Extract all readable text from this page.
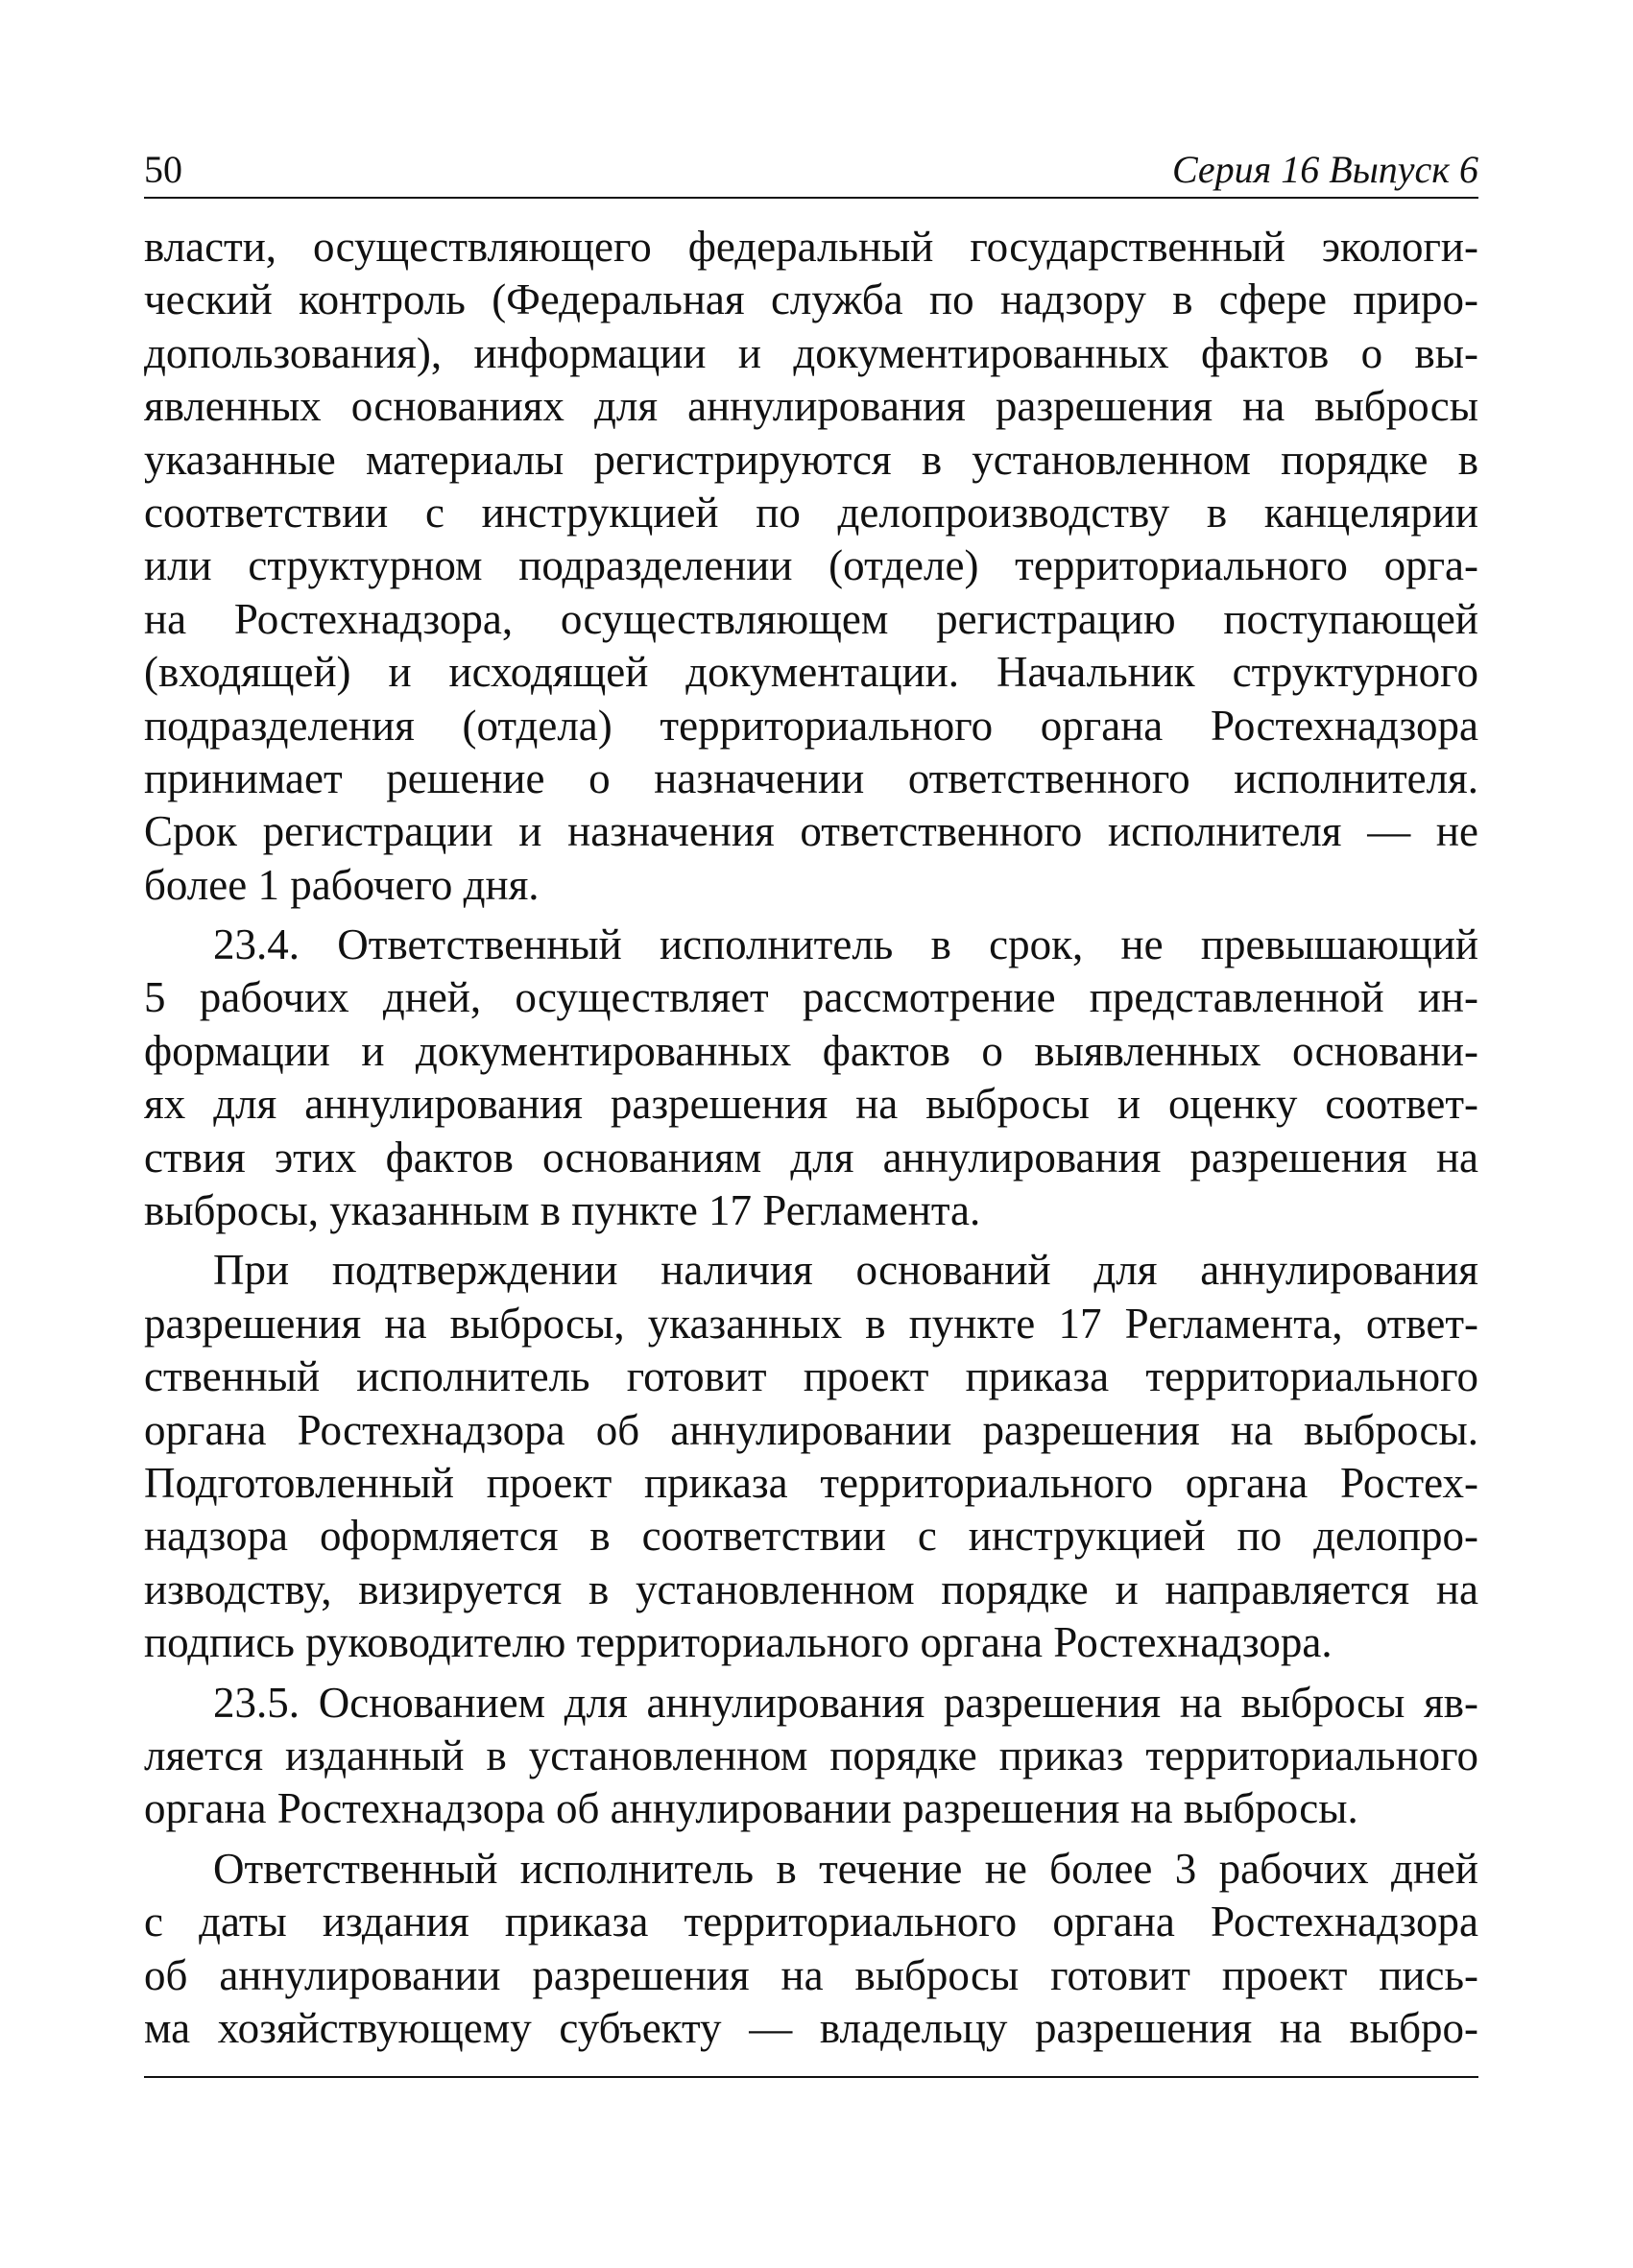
50	Серия 16 Выпуск 6
власти, осуществляющего федеральный государственный экологи-
ческий контроль (Федеральная служба по надзору в сфере приро-
допользования), информации и документированных фактов о вы-
явленных основаниях для аннулирования разрешения на выбросы
указанные материалы регистрируются в установленном порядке в
соответствии с инструкцией по делопроизводству в канцелярии
или структурном подразделении (отделе) территориального орга-
на Ростехнадзора, осуществляющем регистрацию поступающей
(входящей) и исходящей документации. Начальник структурного
подразделения (отдела) территориального органа Ростехнадзора
принимает решение о назначении ответственного исполнителя.
Срок регистрации и назначения ответственного исполнителя — не
более 1 рабочего дня.
23.4. Ответственный исполнитель в срок, не превышающий
5 рабочих дней, осуществляет рассмотрение представленной ин-
формации и документированных фактов о выявленных основани-
ях для аннулирования разрешения на выбросы и оценку соответ-
ствия этих фактов основаниям для аннулирования разрешения на
выбросы, указанным в пункте 17 Регламента.
При подтверждении наличия оснований для аннулирования
разрешения на выбросы, указанных в пункте 17 Регламента, ответ-
ственный исполнитель готовит проект приказа территориального
органа Ростехнадзора об аннулировании разрешения на выбросы.
Подготовленный проект приказа территориального органа Ростех-
надзора оформляется в соответствии с инструкцией по делопро-
изводству, визируется в установленном порядке и направляется на
подпись руководителю территориального органа Ростехнадзора.
23.5. Основанием для аннулирования разрешения на выбросы яв-
ляется изданный в установленном порядке приказ территориального
органа Ростехнадзора об аннулировании разрешения на выбросы.
Ответственный исполнитель в течение не более 3 рабочих дней
с даты издания приказа территориального органа Ростехнадзора
об аннулировании разрешения на выбросы готовит проект пись-
ма хозяйствующему субъекту — владельцу разрешения на выбро-
